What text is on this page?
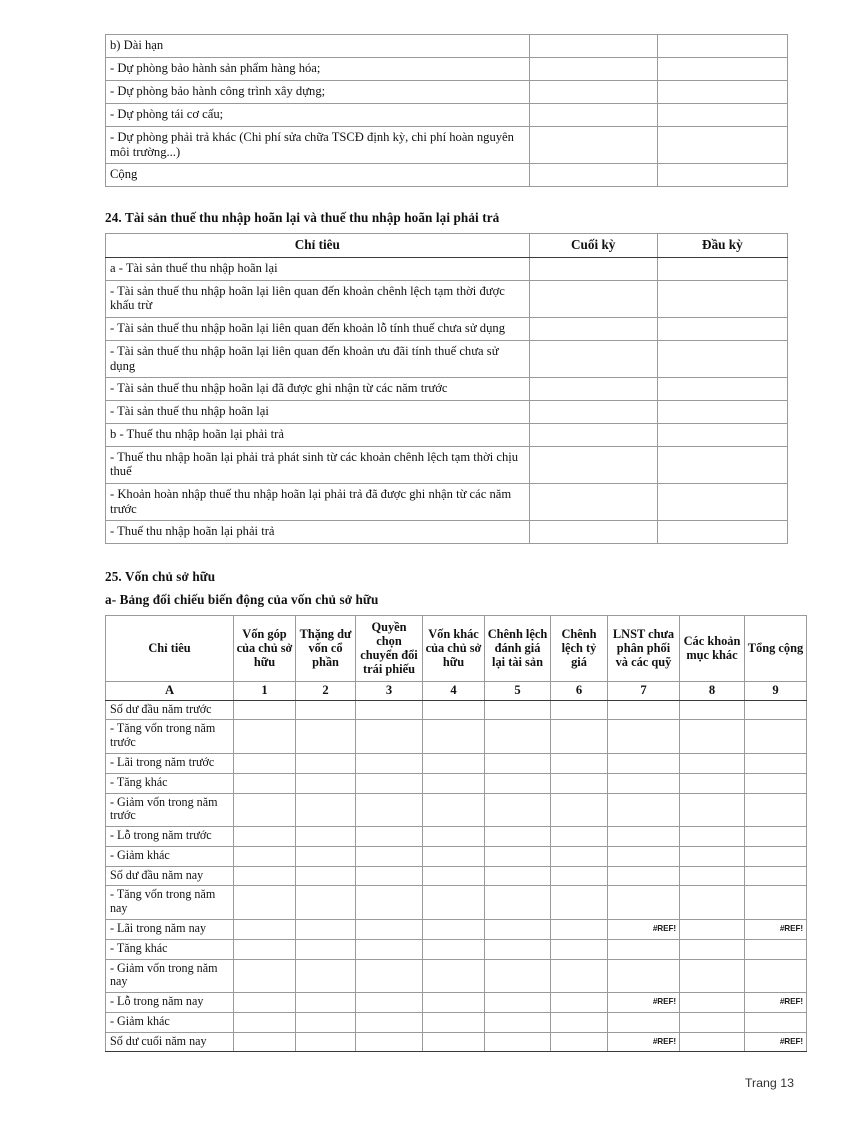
b) Dài hạn		
- Dự phòng bảo hành sản phẩm hàng hóa;		
- Dự phòng bảo hành công trình xây dựng;		
- Dự phòng tái cơ cấu;		
- Dự phòng phải trả khác (Chi phí sửa chữa TSCĐ định kỳ, chi phí hoàn nguyên môi trường...)		
Cộng		
24. Tài sản thuế thu nhập hoãn lại và thuế thu nhập hoãn lại phải trả
Chỉ tiêu	Cuối kỳ	Đầu kỳ
a - Tài sản thuế thu nhập hoãn lại		
- Tài sản thuế thu nhập hoãn lại liên quan đến khoản chênh lệch tạm thời được khấu trừ		
- Tài sản thuế thu nhập hoãn lại liên quan đến khoản lỗ tính thuế chưa sử dụng		
- Tài sản thuế thu nhập hoãn lại liên quan đến khoản ưu đãi tính thuế chưa sử dụng		
- Tài sản thuế thu nhập hoãn lại đã được ghi nhận từ các năm trước		
- Tài sản thuế thu nhập hoãn lại		
b - Thuế thu nhập hoãn lại phải trả		
- Thuế thu nhập hoãn lại phải trả phát sinh từ các khoản chênh lệch tạm thời chịu thuế		
- Khoản hoàn nhập thuế thu nhập hoãn lại phải trả đã được ghi nhận từ các năm trước		
- Thuế thu nhập hoãn lại phải trả		
25. Vốn chủ sở hữu
a- Bảng đối chiếu biến động của vốn chủ sở hữu
Chỉ tiêu	Vốn góp của chủ sở hữu	Thặng dư vốn cổ phần	Quyền chọn chuyển đổi trái phiếu	Vốn khác của chủ sở hữu	Chênh lệch đánh giá lại tài sản	Chênh lệch tỷ giá	LNST chưa phân phối và các quỹ	Các khoản mục khác	Tổng cộng
A	1	2	3	4	5	6	7	8	9
Số dư đầu năm trước									
- Tăng vốn trong năm trước									
- Lãi trong năm trước									
- Tăng khác									
- Giảm vốn trong năm trước									
- Lỗ trong năm trước									
- Giảm khác									
Số dư đầu năm nay									
- Tăng vốn trong năm nay									
- Lãi trong năm nay							#REF!		#REF!
- Tăng khác									
- Giảm vốn trong năm nay									
- Lỗ trong năm nay							#REF!		#REF!
- Giảm khác									
Số dư cuối năm nay							#REF!		#REF!
Trang 13
